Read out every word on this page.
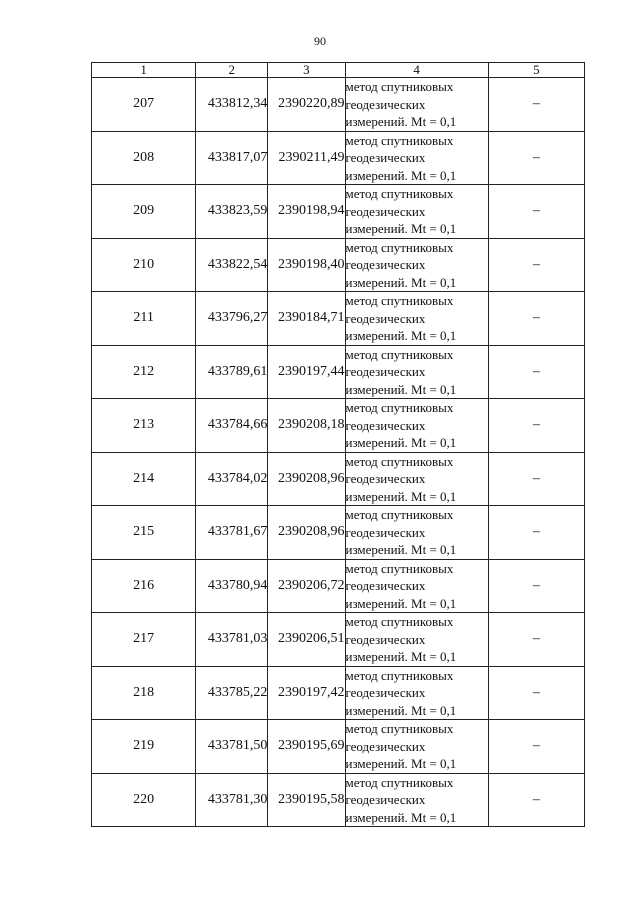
90
1	2	3	4	5
207	433812,34	2390220,89	метод спутниковых
геодезических
измерений. Mt = 0,1	–
208	433817,07	2390211,49	метод спутниковых
геодезических
измерений. Mt = 0,1	–
209	433823,59	2390198,94	метод спутниковых
геодезических
измерений. Mt = 0,1	–
210	433822,54	2390198,40	метод спутниковых
геодезических
измерений. Mt = 0,1	–
211	433796,27	2390184,71	метод спутниковых
геодезических
измерений. Mt = 0,1	–
212	433789,61	2390197,44	метод спутниковых
геодезических
измерений. Mt = 0,1	–
213	433784,66	2390208,18	метод спутниковых
геодезических
измерений. Mt = 0,1	–
214	433784,02	2390208,96	метод спутниковых
геодезических
измерений. Mt = 0,1	–
215	433781,67	2390208,96	метод спутниковых
геодезических
измерений. Mt = 0,1	–
216	433780,94	2390206,72	метод спутниковых
геодезических
измерений. Mt = 0,1	–
217	433781,03	2390206,51	метод спутниковых
геодезических
измерений. Mt = 0,1	–
218	433785,22	2390197,42	метод спутниковых
геодезических
измерений. Mt = 0,1	–
219	433781,50	2390195,69	метод спутниковых
геодезических
измерений. Mt = 0,1	–
220	433781,30	2390195,58	метод спутниковых
геодезических
измерений. Mt = 0,1	–
